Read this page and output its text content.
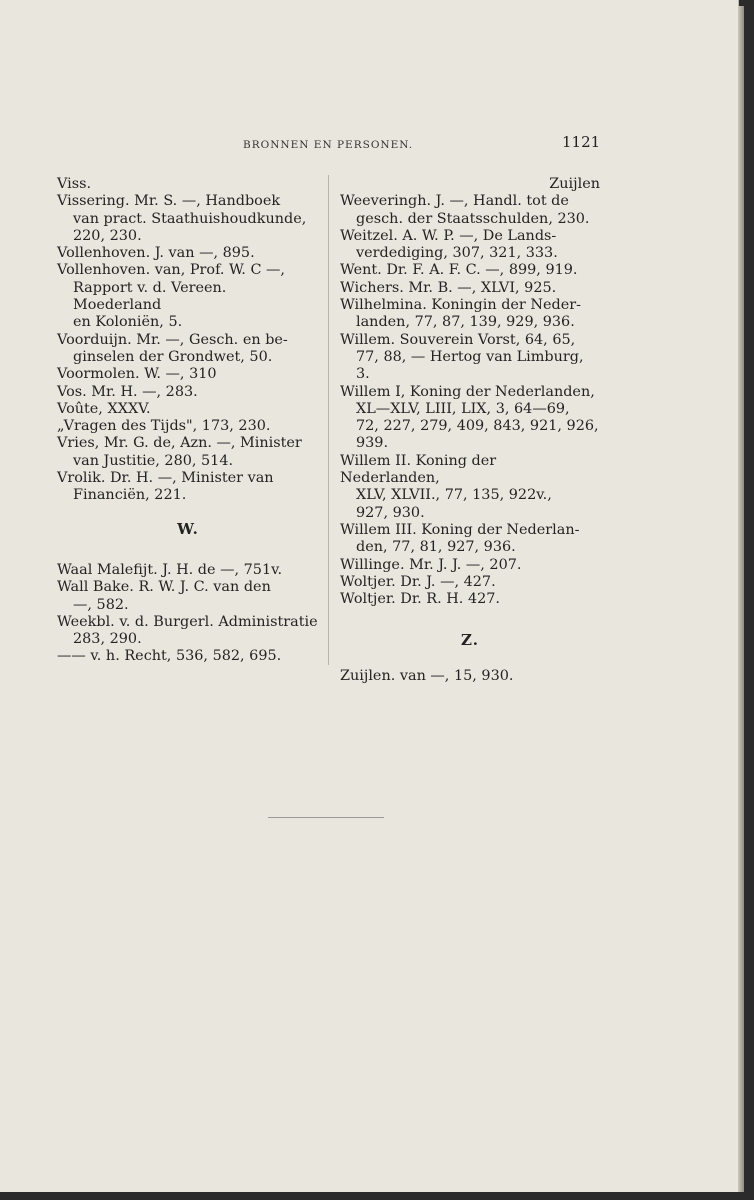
BRONNEN EN PERSONEN.	1121
Viss.
Vissering. Mr. S. —, Handboek
van pract. Staathuishoudkunde,
220, 230.
Vollenhoven. J. van —, 895.
Vollenhoven. van, Prof. W. C —,
Rapport v. d. Vereen. Moederland
en Koloniën, 5.
Voorduijn. Mr. —, Gesch. en be-
ginselen der Grondwet, 50.
Voormolen. W. —, 310
Vos. Mr. H. —, 283.
Voûte, XXXV.
„Vragen des Tijds", 173, 230.
Vries, Mr. G. de, Azn. —, Minister
van Justitie, 280, 514.
Vrolik. Dr. H. —, Minister van
Financiën, 221.
W.
Waal Malefijt. J. H. de —, 751v.
Wall Bake. R. W. J. C. van den
—, 582.
Weekbl. v. d. Burgerl. Administratie
283, 290.
—— v. h. Recht, 536, 582, 695.
Zuijlen
Weeveringh. J. —, Handl. tot de
gesch. der Staatsschulden, 230.
Weitzel. A. W. P. —, De Lands-
verdediging, 307, 321, 333.
Went. Dr. F. A. F. C. —, 899, 919.
Wichers. Mr. B. —, XLVI, 925.
Wilhelmina. Koningin der Neder-
landen, 77, 87, 139, 929, 936.
Willem. Souverein Vorst, 64, 65,
77, 88, — Hertog van Limburg, 3.
Willem I, Koning der Nederlanden,
XL—XLV, LIII, LIX, 3, 64—69,
72, 227, 279, 409, 843, 921, 926,
939.
Willem II. Koning der Nederlanden,
XLV, XLVII., 77, 135, 922v.,
927, 930.
Willem III. Koning der Nederlan-
den, 77, 81, 927, 936.
Willinge. Mr. J. J. —, 207.
Woltjer. Dr. J. —, 427.
Woltjer. Dr. R. H. 427.
Z.
Zuijlen. van —, 15, 930.
